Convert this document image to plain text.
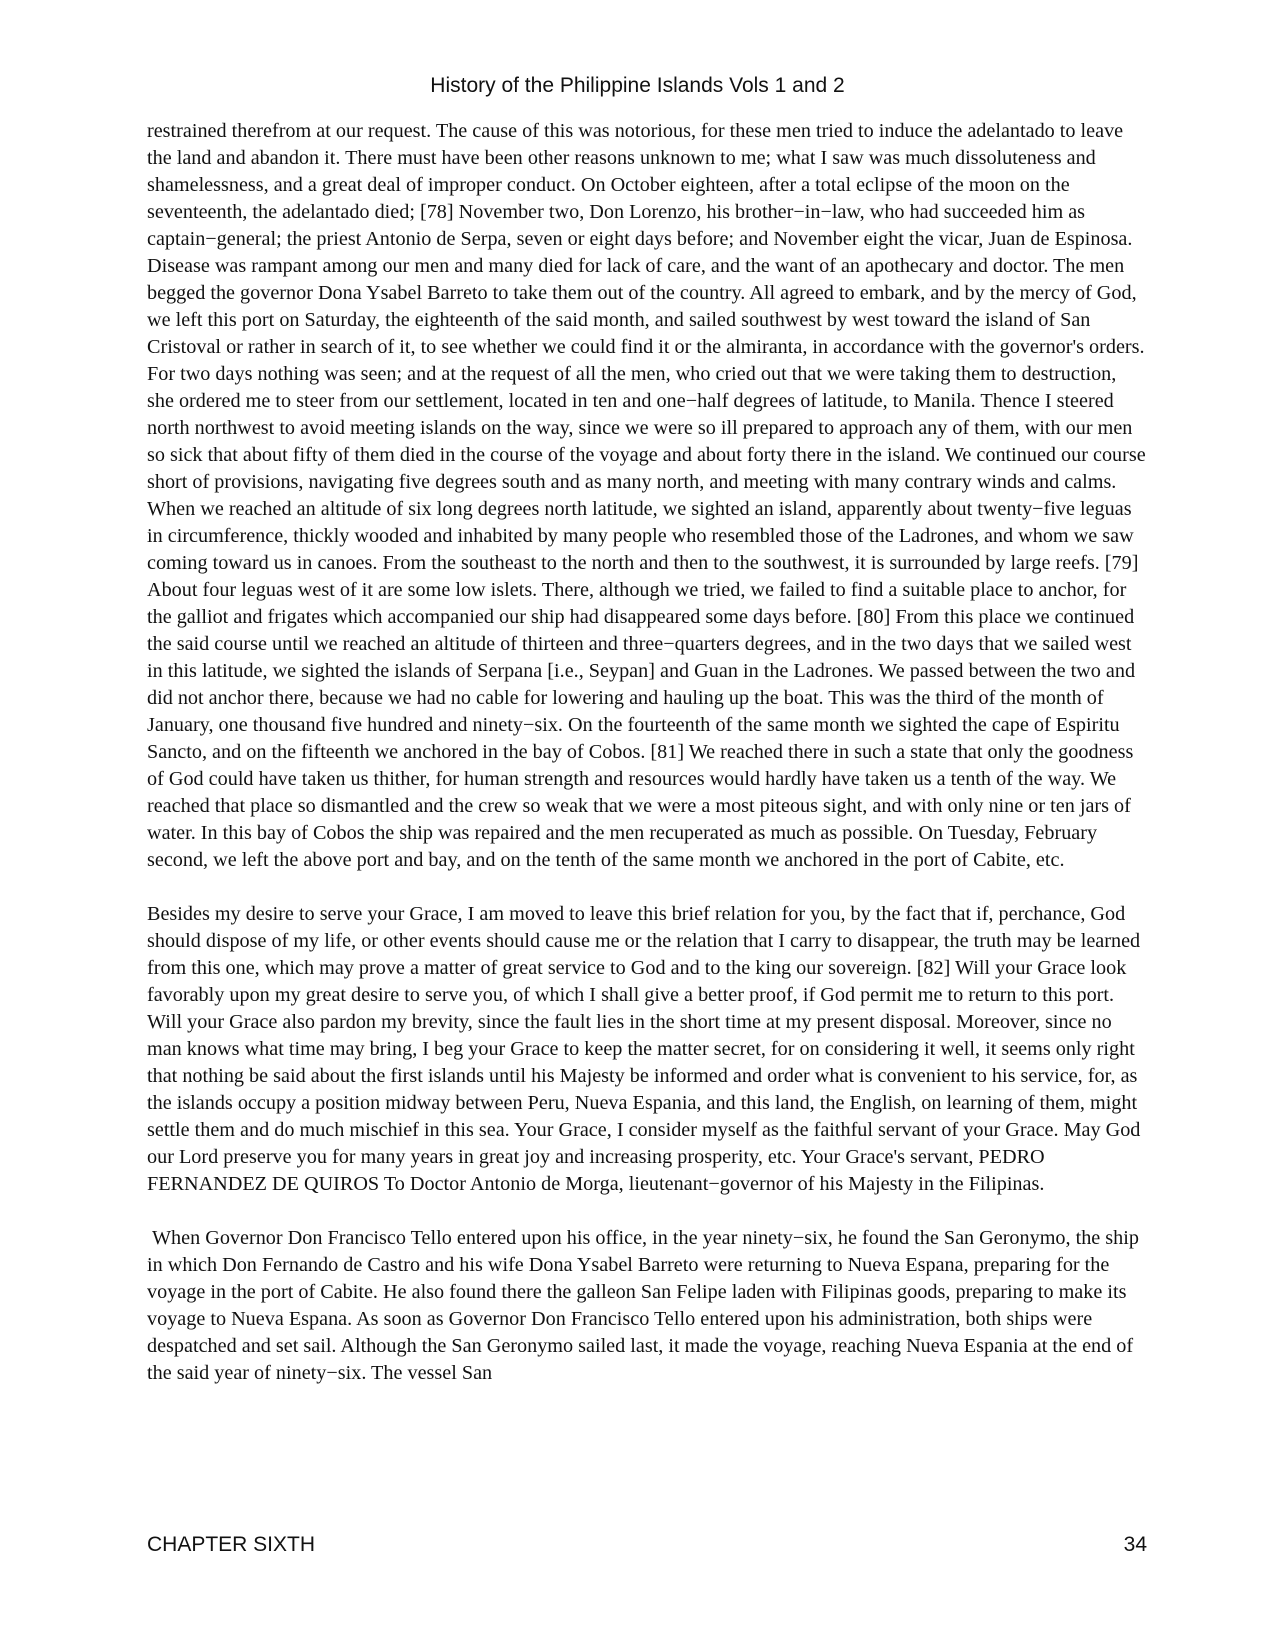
History of the Philippine Islands Vols 1 and 2

restrained therefrom at our request. The cause of this was notorious, for these men tried to induce the adelantado to leave the land and abandon it. There must have been other reasons unknown to me; what I saw was much dissoluteness and shamelessness, and a great deal of improper conduct. On October eighteen, after a total eclipse of the moon on the seventeenth, the adelantado died; [78] November two, Don Lorenzo, his brother−in−law, who had succeeded him as captain−general; the priest Antonio de Serpa, seven or eight days before; and November eight the vicar, Juan de Espinosa. Disease was rampant among our men and many died for lack of care, and the want of an apothecary and doctor. The men begged the governor Dona Ysabel Barreto to take them out of the country. All agreed to embark, and by the mercy of God, we left this port on Saturday, the eighteenth of the said month, and sailed southwest by west toward the island of San Cristoval or rather in search of it, to see whether we could find it or the almiranta, in accordance with the governor's orders. For two days nothing was seen; and at the request of all the men, who cried out that we were taking them to destruction, she ordered me to steer from our settlement, located in ten and one−half degrees of latitude, to Manila. Thence I steered north northwest to avoid meeting islands on the way, since we were so ill prepared to approach any of them, with our men so sick that about fifty of them died in the course of the voyage and about forty there in the island. We continued our course short of provisions, navigating five degrees south and as many north, and meeting with many contrary winds and calms. When we reached an altitude of six long degrees north latitude, we sighted an island, apparently about twenty−five leguas in circumference, thickly wooded and inhabited by many people who resembled those of the Ladrones, and whom we saw coming toward us in canoes. From the southeast to the north and then to the southwest, it is surrounded by large reefs. [79] About four leguas west of it are some low islets. There, although we tried, we failed to find a suitable place to anchor, for the galliot and frigates which accompanied our ship had disappeared some days before. [80] From this place we continued the said course until we reached an altitude of thirteen and three−quarters degrees, and in the two days that we sailed west in this latitude, we sighted the islands of Serpana [i.e., Seypan] and Guan in the Ladrones. We passed between the two and did not anchor there, because we had no cable for lowering and hauling up the boat. This was the third of the month of January, one thousand five hundred and ninety−six. On the fourteenth of the same month we sighted the cape of Espiritu Sancto, and on the fifteenth we anchored in the bay of Cobos. [81] We reached there in such a state that only the goodness of God could have taken us thither, for human strength and resources would hardly have taken us a tenth of the way. We reached that place so dismantled and the crew so weak that we were a most piteous sight, and with only nine or ten jars of water. In this bay of Cobos the ship was repaired and the men recuperated as much as possible. On Tuesday, February second, we left the above port and bay, and on the tenth of the same month we anchored in the port of Cabite, etc.

Besides my desire to serve your Grace, I am moved to leave this brief relation for you, by the fact that if, perchance, God should dispose of my life, or other events should cause me or the relation that I carry to disappear, the truth may be learned from this one, which may prove a matter of great service to God and to the king our sovereign. [82] Will your Grace look favorably upon my great desire to serve you, of which I shall give a better proof, if God permit me to return to this port. Will your Grace also pardon my brevity, since the fault lies in the short time at my present disposal. Moreover, since no man knows what time may bring, I beg your Grace to keep the matter secret, for on considering it well, it seems only right that nothing be said about the first islands until his Majesty be informed and order what is convenient to his service, for, as the islands occupy a position midway between Peru, Nueva Espania, and this land, the English, on learning of them, might settle them and do much mischief in this sea. Your Grace, I consider myself as the faithful servant of your Grace. May God our Lord preserve you for many years in great joy and increasing prosperity, etc. Your Grace's servant, PEDRO FERNANDEZ DE QUIROS To Doctor Antonio de Morga, lieutenant−governor of his Majesty in the Filipinas.

When Governor Don Francisco Tello entered upon his office, in the year ninety−six, he found the San Geronymo, the ship in which Don Fernando de Castro and his wife Dona Ysabel Barreto were returning to Nueva Espana, preparing for the voyage in the port of Cabite. He also found there the galleon San Felipe laden with Filipinas goods, preparing to make its voyage to Nueva Espana. As soon as Governor Don Francisco Tello entered upon his administration, both ships were despatched and set sail. Although the San Geronymo sailed last, it made the voyage, reaching Nueva Espania at the end of the said year of ninety−six. The vessel San

CHAPTER SIXTH	34
